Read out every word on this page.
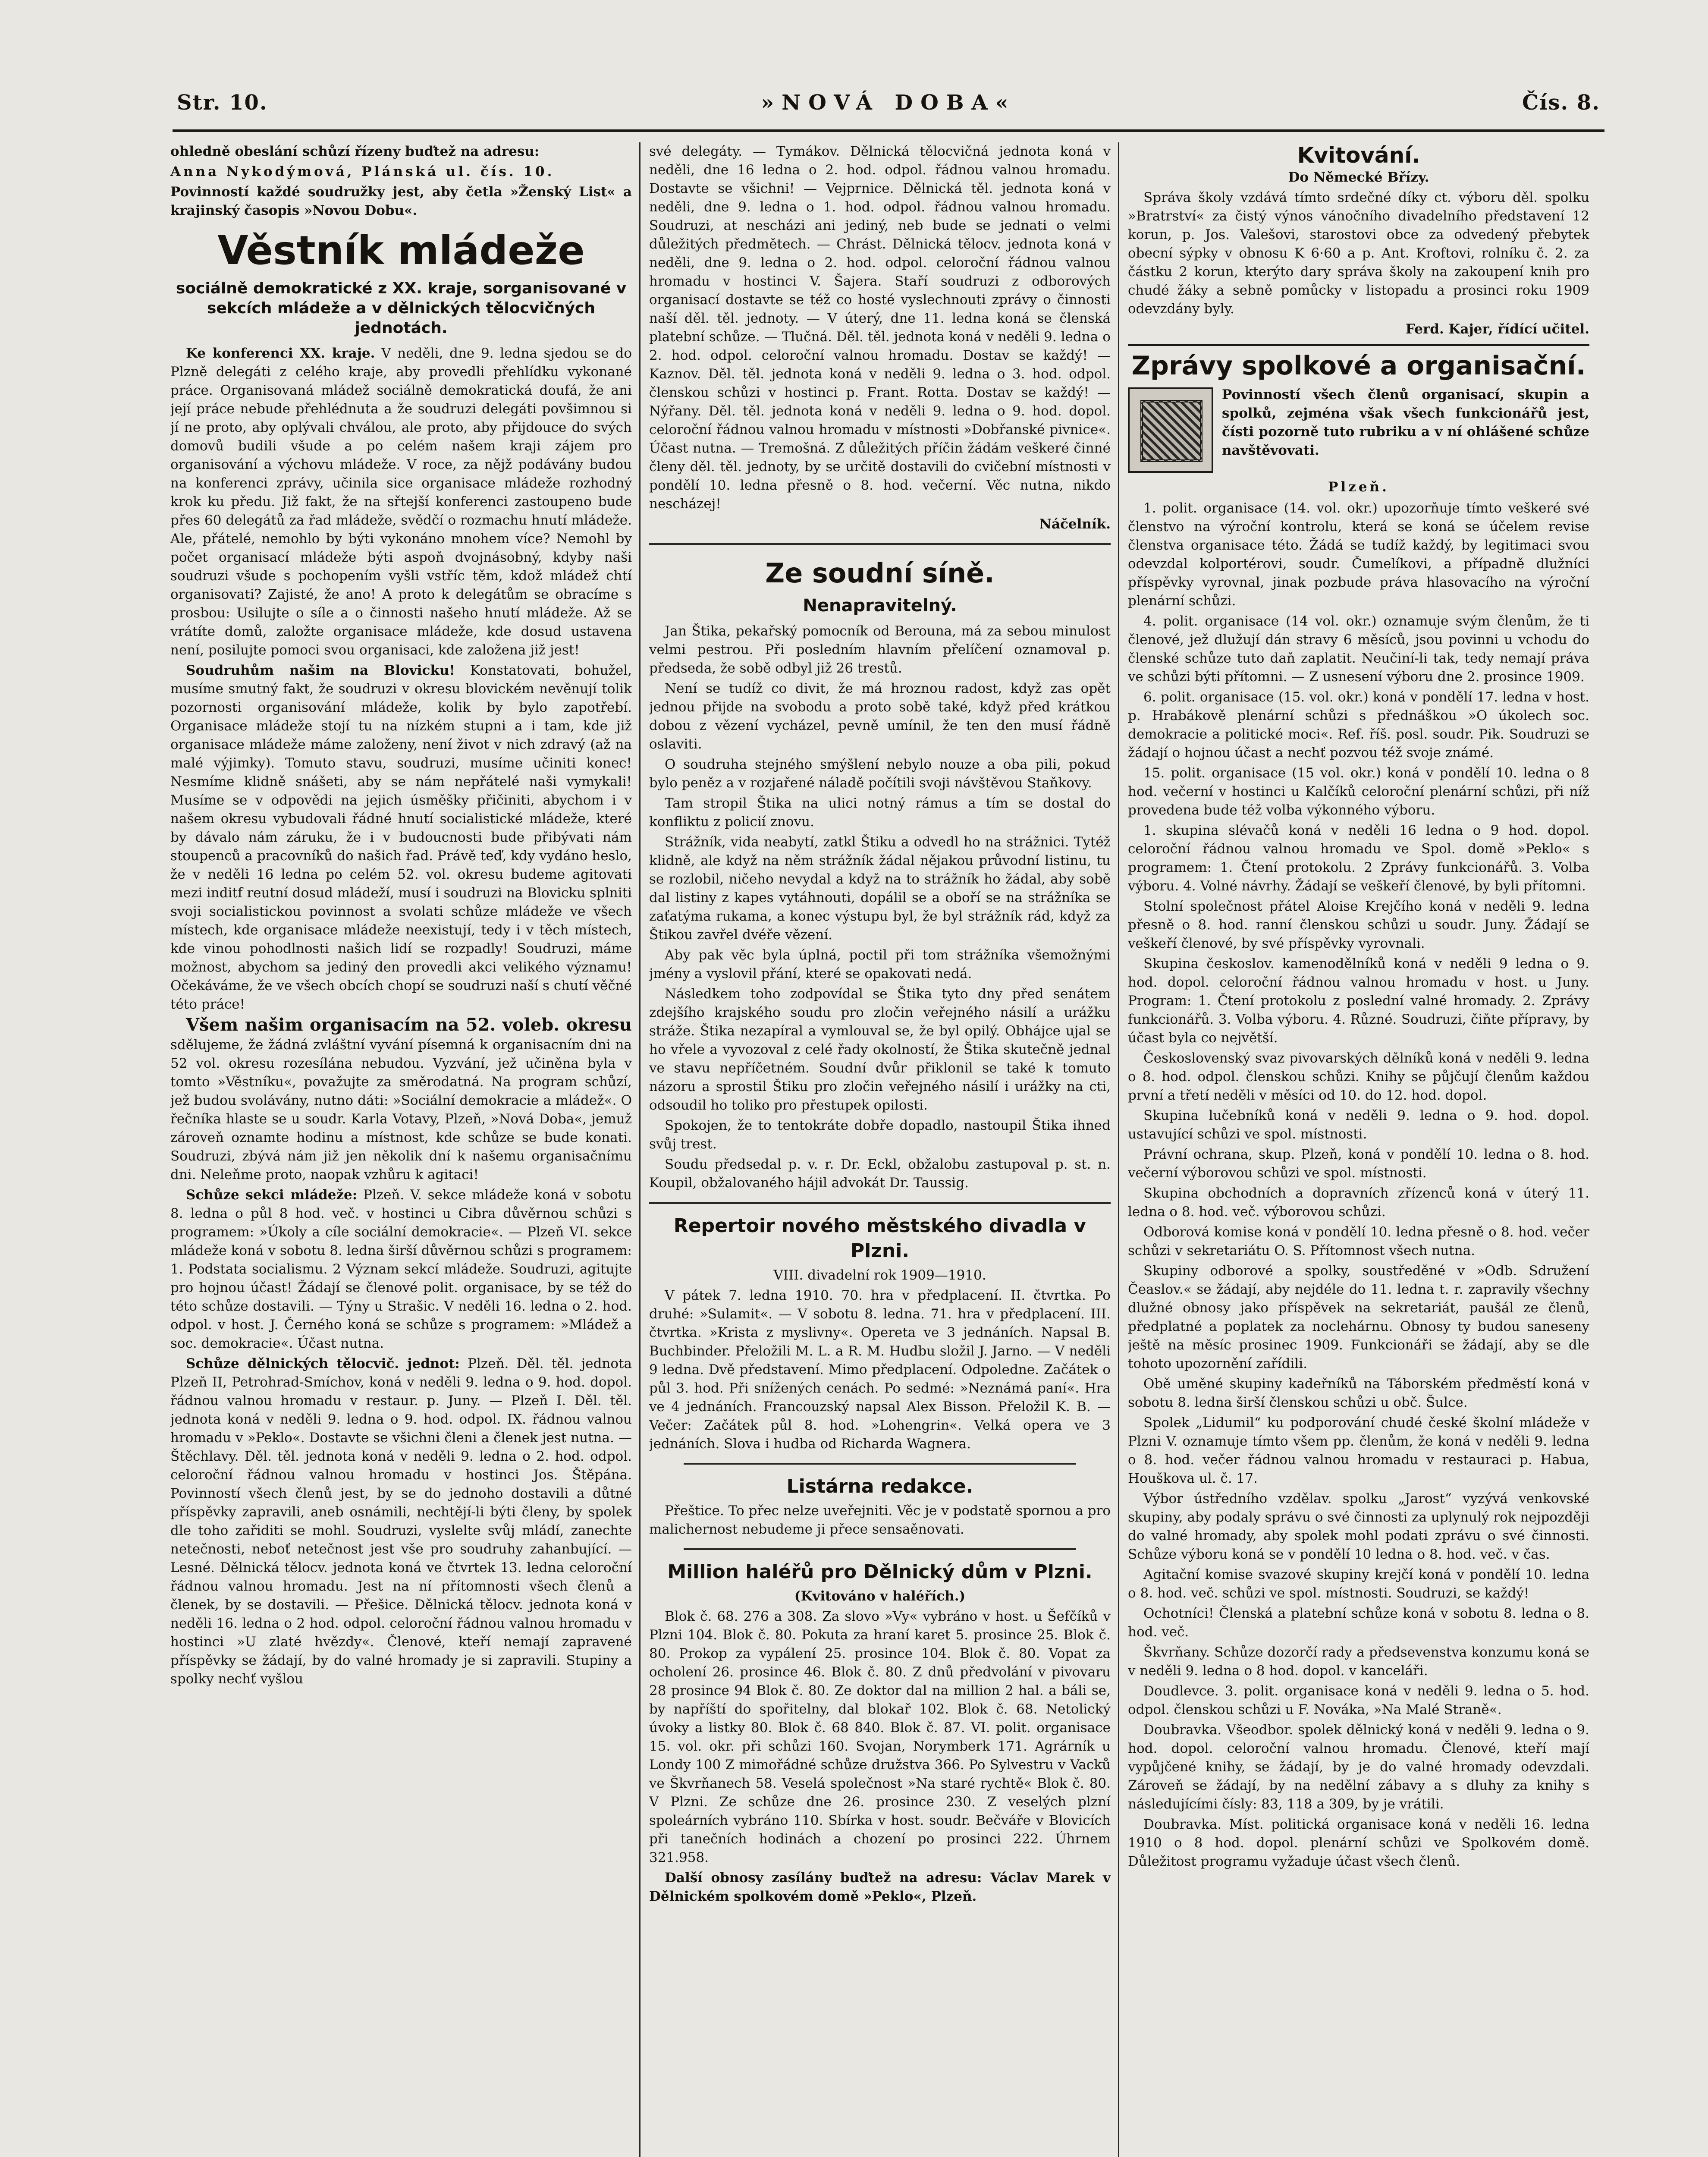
Str. 10.	»NOVÁ DOBA«	Čís. 8.

ohledně obeslání schůzí řízeny buďtež na adresu:

Anna Nykodýmová, Plánská ul. čís. 10.

Povinností každé soudružky jest, aby četla »Ženský List« a krajinský časopis »Novou Dobu«.

Věstník mládeže
sociálně demokratické z XX. kraje, sorganisované v sekcích mládeže a v dělnických tělocvičných jednotách.

Ke konferenci XX. kraje. V neděli, dne 9. ledna sjedou se do Plzně delegáti z celého kraje, aby provedli přehlídku vykonané práce. Organisovaná mládež sociálně demokratická doufá, že ani její práce nebude přehlédnuta a že soudruzi delegáti povšimnou si jí ne proto, aby oplývali chválou, ale proto, aby přijdouce do svých domovů budili všude a po celém našem kraji zájem pro organisování a výchovu mládeže. V roce, za nějž podávány budou na konferenci zprávy, učinila sice organisace mládeže rozhodný krok ku předu. Již fakt, že na sřtejší konferenci zastoupeno bude přes 60 delegátů za řad mládeže, svědčí o rozmachu hnutí mládeže. Ale, přátelé, nemohlo by býti vykonáno mnohem více? Nemohl by počet organisací mládeže býti aspoň dvojnásobný, kdyby naši soudruzi všude s pochopením vyšli vstříc těm, kdož mládež chtí organisovati? Zajisté, že ano! A proto k delegátům se obracíme s prosbou: Usilujte o síle a o činnosti našeho hnutí mládeže. Až se vrátíte domů, založte organisace mládeže, kde dosud ustavena není, posilujte pomoci svou organisaci, kde založena již jest!

Soudruhům našim na Blovicku! Konstatovati, bohužel, musíme smutný fakt, že soudruzi v okresu blovickém nevěnují tolik pozornosti organisování mládeže, kolik by bylo zapotřebí. Organisace mládeže stojí tu na nízkém stupni a i tam, kde již organisace mládeže máme založeny, není život v nich zdravý (až na malé výjimky). Tomuto stavu, soudruzi, musíme učiniti konec! Nesmíme klidně snášeti, aby se nám nepřátelé naši vymykali! Musíme se v odpovědi na jejich úsměšky přičiniti, abychom i v našem okresu vybudovali řádné hnutí socialistické mládeže, které by dávalo nám záruku, že i v budoucnosti bude přibývati nám stoupenců a pracovníků do našich řad. Právě teď, kdy vydáno heslo, že v neděli 16 ledna po celém 52. vol. okresu budeme agitovati mezi inditf reutní dosud mládeží, musí i soudruzi na Blovicku splniti svoji socialistickou povinnost a svolati schůze mládeže ve všech místech, kde organisace mládeže neexistují, tedy i v těch místech, kde vinou pohodlnosti našich lidí se rozpadly! Soudruzi, máme možnost, abychom sa jediný den provedli akci velikého významu! Očekáváme, že ve všech obcích chopí se soudruzi naší s chutí věčné této práce!

Všem našim organisacím na 52. voleb. okresu sdělujeme, že žádná zvláštní vyvání písemná k organisacním dni na 52 vol. okresu rozesílána nebudou. Vyzvání, jež učiněna byla v tomto »Věstníku«, považujte za směrodatná. Na program schůzí, jež budou svolávány, nutno dáti: »Sociální demokracie a mládež«. O řečníka hlaste se u soudr. Karla Votavy, Plzeň, »Nová Doba«, jemuž zároveň oznamte hodinu a místnost, kde schůze se bude konati. Soudruzi, zbývá nám již jen několik dní k našemu organisačnímu dni. Neleňme proto, naopak vzhůru k agitaci!

Schůze sekci mládeže: Plzeň. V. sekce mládeže koná v sobotu 8. ledna o půl 8 hod. več. v hostinci u Cibra důvěrnou schůzi s programem: »Úkoly a cíle sociální demokracie«. — Plzeň VI. sekce mládeže koná v sobotu 8. ledna širší důvěrnou schůzi s programem: 1. Podstata socialismu. 2 Význam sekcí mládeže. Soudruzi, agitujte pro hojnou účast! Žádají se členové polit. organisace, by se též do této schůze dostavili. — Týny u Strašic. V neděli 16. ledna o 2. hod. odpol. v host. J. Černého koná se schůze s programem: »Mládež a soc. demokracie«. Účast nutna.

Schůze dělnických tělocvič. jednot: Plzeň. Děl. těl. jednota Plzeň II, Petrohrad-Smíchov, koná v neděli 9. ledna o 9. hod. dopol. řádnou valnou hromadu v restaur. p. Juny. — Plzeň I. Děl. těl. jednota koná v neděli 9. ledna o 9. hod. odpol. IX. řádnou valnou hromadu v »Peklo«. Dostavte se všichni členi a členek jest nutna. — Štěchlavy. Děl. těl. jednota koná v neděli 9. ledna o 2. hod. odpol. celoroční řádnou valnou hromadu v hostinci Jos. Štěpána. Povinností všech členů jest, by se do jednoho dostavili a důtné příspěvky zapravili, aneb osnámili, nechtějí-li býti členy, by spolek dle toho zařiditi se mohl. Soudruzi, vyslelte svůj mládí, zanechte netečnosti, neboť netečnost jest vše pro soudruhy zahanbující. — Lesné. Dělnická tělocv. jednota koná ve čtvrtek 13. ledna celoroční řádnou valnou hromadu. Jest na ní přítomnosti všech členů a členek, by se dostavili. — Přešice. Dělnická tělocv. jednota koná v neděli 16. ledna o 2 hod. odpol. celoroční řádnou valnou hromadu v hostinci »U zlaté hvězdy«. Členové, kteří nemají zapravené příspěvky se žádají, by do valné hromady je si zapravili. Stupiny a spolky nechť vyšlou

své delegáty. — Tymákov. Dělnická tělocvičná jednota koná v neděli, dne 16 ledna o 2. hod. odpol. řádnou valnou hromadu. Dostavte se všichni! — Vejprnice. Dělnická těl. jednota koná v neděli, dne 9. ledna o 1. hod. odpol. řádnou valnou hromadu. Soudruzi, at nescházi ani jediný, neb bude se jednati o velmi důležitých předmětech. — Chrást. Dělnická tělocv. jednota koná v neděli, dne 9. ledna o 2. hod. odpol. celoroční řádnou valnou hromadu v hostinci V. Šajera. Staří soudruzi z odborových organisací dostavte se též co hosté vyslechnouti zprávy o činnosti naší děl. těl. jednoty. — V úterý, dne 11. ledna koná se členská platební schůze. — Tlučná. Děl. těl. jednota koná v neděli 9. ledna o 2. hod. odpol. celoroční valnou hromadu. Dostav se každý! — Kaznov. Děl. těl. jednota koná v neděli 9. ledna o 3. hod. odpol. členskou schůzi v hostinci p. Frant. Rotta. Dostav se každý! — Nýřany. Děl. těl. jednota koná v neděli 9. ledna o 9. hod. dopol. celoroční řádnou valnou hromadu v místnosti »Dobřanské pivnice«. Účast nutna. — Tremošná. Z důležitých příčin žádám veškeré činné členy děl. těl. jednoty, by se určitě dostavili do cvičební místnosti v pondělí 10. ledna přesně o 8. hod. večerní. Věc nutna, nikdo nescházej!

Náčelník.

Ze soudní síně.
Nenapravitelný.

Jan Štika, pekařský pomocník od Berouna, má za sebou minulost velmi pestrou. Při posledním hlavním přelíčení oznamoval p. předseda, že sobě odbyl již 26 trestů.

Není se tudíž co divit, že má hroznou radost, když zas opět jednou přijde na svobodu a proto sobě také, když před krátkou dobou z vězení vycházel, pevně umínil, že ten den musí řádně oslaviti.

O soudruha stejného smýšlení nebylo nouze a oba pili, pokud bylo peněz a v rozjařené náladě počítili svoji návštěvou Staňkovy.

Tam stropil Štika na ulici notný rámus a tím se dostal do konfliktu z policií znovu.

Strážník, vida neabytí, zatkl Štiku a odvedl ho na strážnici. Tytéž klidně, ale když na něm strážník žádal nějakou průvodní listinu, tu se rozlobil, ničeho nevydal a když na to strážník ho žádal, aby sobě dal listiny z kapes vytáhnouti, dopálil se a oboří se na strážníka se zaťatýma rukama, a konec výstupu byl, že byl strážník rád, když za Štikou zavřel dvéře vězení.

Aby pak věc byla úplná, poctil při tom strážníka všemožnými jmény a vyslovil přání, které se opakovati nedá.

Následkem toho zodpovídal se Štika tyto dny před senátem zdejšího krajského soudu pro zločin veřejného násilí a urážku stráže. Štika nezapíral a vymlouval se, že byl opilý. Obhájce ujal se ho vřele a vyvozoval z celé řady okolností, že Štika skutečně jednal ve stavu nepříčetném. Soudní dvůr přiklonil se také k tomuto názoru a sprostil Štiku pro zločin veřejného násilí i urážky na cti, odsoudil ho toliko pro přestupek opilosti.

Spokojen, že to tentokráte dobře dopadlo, nastoupil Štika ihned svůj trest.

Soudu předsedal p. v. r. Dr. Eckl, obžalobu zastupoval p. st. n. Koupil, obžalovaného hájil advokát Dr. Taussig.

Repertoir nového městského divadla v Plzni.

VIII. divadelní rok 1909—1910.

V pátek 7. ledna 1910. 70. hra v předplacení. II. čtvrtka. Po druhé: »Sulamit«. — V sobotu 8. ledna. 71. hra v předplacení. III. čtvrtka. »Krista z myslivny«. Opereta ve 3 jednáních. Napsal B. Buchbinder. Přeložili M. L. a R. M. Hudbu složil J. Jarno. — V neděli 9 ledna. Dvě představení. Mimo předplacení. Odpoledne. Začátek o půl 3. hod. Při snížených cenách. Po sedmé: »Neznámá paní«. Hra ve 4 jednáních. Francouzský napsal Alex Bisson. Přeložil K. B. — Večer: Začátek půl 8. hod. »Lohengrin«. Velká opera ve 3 jednáních. Slova i hudba od Richarda Wagnera.

Listárna redakce.

Přeštice. To přec nelze uveřejniti. Věc je v podstatě spornou a pro malichernost nebudeme ji přece sensaěnovati.

Million haléřů pro Dělnický dům v Plzni.

(Kvitováno v haléřích.)

Blok č. 68. 276 a 308. Za slovo »Vy« vybráno v host. u Šefčíků v Plzni 104. Blok č. 80. Pokuta za hraní karet 5. prosince 25. Blok č. 80. Prokop za vypálení 25. prosince 104. Blok č. 80. Vopat za ocholení 26. prosince 46. Blok č. 80. Z dnů předvolání v pivovaru 28 prosince 94 Blok č. 80. Ze doktor dal na million 2 hal. a báli se, by napříští do spořitelny, dal blokař 102. Blok č. 68. Netolický úvoky a listky 80. Blok č. 68 840. Blok č. 87. VI. polit. organisace 15. vol. okr. při schůzi 160. Svojan, Norymberk 171. Agrárník u Londy 100 Z mimořádné schůze družstva 366. Po Sylvestru v Vacků ve Škvrňanech 58. Veselá společnost »Na staré rychtě« Blok č. 80. V Plzni. Ze schůze dne 26. prosince 230. Z veselých plzní spoleárních vybráno 110. Sbírka v host. soudr. Bečváře v Blovicích při tanečních hodinách a chození po prosinci 222. Úhrnem 321.958.

Další obnosy zasílány buďtež na adresu: Václav Marek v Dělnickém spolkovém domě »Peklo«, Plzeň.

Kvitování.

Do Německé Břízy.

Správa školy vzdává tímto srdečné díky ct. výboru děl. spolku »Bratrství« za čistý výnos vánočního divadelního představení 12 korun, p. Jos. Valešovi, starostovi obce za odvedený přebytek obecní sýpky v obnosu K 6·60 a p. Ant. Kroftovi, rolníku č. 2. za částku 2 korun, kterýto dary správa školy na zakoupení knih pro chudé žáky a sebně pomůcky v listopadu a prosinci roku 1909 odevzdány byly.

Ferd. Kajer, řídící učitel.

Zprávy spolkové a organisační.

Povinností všech členů organisací, skupin a spolků, zejména však všech funkcionářů jest, čísti pozorně tuto rubriku a v ní ohlášené schůze navštěvovati.

Plzeň.

1. polit. organisace (14. vol. okr.) upozorňuje tímto veškeré své členstvo na výroční kontrolu, která se koná se účelem revise členstva organisace této. Žádá se tudíž každý, by legitimaci svou odevzdal kolportérovi, soudr. Čumelíkovi, a případně dlužníci příspěvky vyrovnal, jinak pozbude práva hlasovacího na výroční plenární schůzi.

4. polit. organisace (14 vol. okr.) oznamuje svým členům, že ti členové, jež dlužují dán stravy 6 měsíců, jsou povinni u vchodu do členské schůze tuto daň zaplatit. Neučiní-li tak, tedy nemají práva ve schůzi býti přítomni. — Z usnesení výboru dne 2. prosince 1909.

6. polit. organisace (15. vol. okr.) koná v pondělí 17. ledna v host. p. Hrabákově plenární schůzi s přednáškou »O úkolech soc. demokracie a politické moci«. Ref. říš. posl. soudr. Pik. Soudruzi se žádají o hojnou účast a nechť pozvou též svoje známé.

15. polit. organisace (15 vol. okr.) koná v pondělí 10. ledna o 8 hod. večerní v hostinci u Kalčíků celoroční plenární schůzi, při níž provedena bude též volba výkonného výboru.

1. skupina slévačů koná v neděli 16 ledna o 9 hod. dopol. celoroční řádnou valnou hromadu ve Spol. domě »Peklo« s programem: 1. Čtení protokolu. 2 Zprávy funkcionářů. 3. Volba výboru. 4. Volné návrhy. Žádají se veškeří členové, by byli přítomni.

Stolní společnost přátel Aloise Krejčího koná v neděli 9. ledna přesně o 8. hod. ranní členskou schůzi u soudr. Juny. Žádají se veškeří členové, by své příspěvky vyrovnali.

Skupina českoslov. kamenodělníků koná v neděli 9 ledna o 9. hod. dopol. celoroční řádnou valnou hromadu v host. u Juny. Program: 1. Čtení protokolu z poslední valné hromady. 2. Zprávy funkcionářů. 3. Volba výboru. 4. Různé. Soudruzi, čiňte přípravy, by účast byla co největší.

Československý svaz pivovarských dělníků koná v neděli 9. ledna o 8. hod. odpol. členskou schůzi. Knihy se půjčují členům každou první a třetí neděli v měsíci od 10. do 12. hod. dopol.

Skupina lučebníků koná v neděli 9. ledna o 9. hod. dopol. ustavující schůzi ve spol. místnosti.

Právní ochrana, skup. Plzeň, koná v pondělí 10. ledna o 8. hod. večerní výborovou schůzi ve spol. místnosti.

Skupina obchodních a dopravních zřízenců koná v úterý 11. ledna o 8. hod. več. výborovou schůzi.

Odborová komise koná v pondělí 10. ledna přesně o 8. hod. večer schůzi v sekretariátu O. S. Přítomnost všech nutna.

Skupiny odborové a spolky, soustředěné v »Odb. Sdružení Čeaslov.« se žádají, aby nejdéle do 11. ledna t. r. zapravily všechny dlužné obnosy jako příspěvek na sekretariát, paušál ze členů, předplatné a poplatek za noclehárnu. Obnosy ty budou saneseny ještě na měsíc prosinec 1909. Funkcionáři se žádají, aby se dle tohoto upozornění zařídili.

Obě uměné skupiny kadeřníků na Táborském předměstí koná v sobotu 8. ledna širší členskou schůzi u obč. Šulce.

Spolek „Lidumil“ ku podporování chudé české školní mládeže v Plzni V. oznamuje tímto všem pp. členům, že koná v neděli 9. ledna o 8. hod. večer řádnou valnou hromadu v restauraci p. Habua, Houškova ul. č. 17.

Výbor ústředního vzdělav. spolku „Jarost“ vyzývá venkovské skupiny, aby podaly správu o své činnosti za uplynulý rok nejpozději do valné hromady, aby spolek mohl podati zprávu o své činnosti. Schůze výboru koná se v pondělí 10 ledna o 8. hod. več. v čas.

Agitační komise svazové skupiny krejčí koná v pondělí 10. ledna o 8. hod. več. schůzi ve spol. místnosti. Soudruzi, se každý!

Ochotníci! Členská a platební schůze koná v sobotu 8. ledna o 8. hod. več.

Škvrňany. Schůze dozorčí rady a předsevenstva konzumu koná se v neděli 9. ledna o 8 hod. dopol. v kanceláři.

Doudlevce. 3. polit. organisace koná v neděli 9. ledna o 5. hod. odpol. členskou schůzi u F. Nováka, »Na Malé Straně«.

Doubravka. Všeodbor. spolek dělnický koná v neděli 9. ledna o 9. hod. dopol. celoroční valnou hromadu. Členové, kteří mají vypůjčené knihy, se žádají, by je do valné hromady odevzdali. Zároveň se žádají, by na nedělní zábavy a s dluhy za knihy s následujícími čísly: 83, 118 a 309, by je vrátili.

Doubravka. Míst. politická organisace koná v neděli 16. ledna 1910 o 8 hod. dopol. plenární schůzi ve Spolkovém domě. Důležitost programu vyžaduje účast všech členů.
